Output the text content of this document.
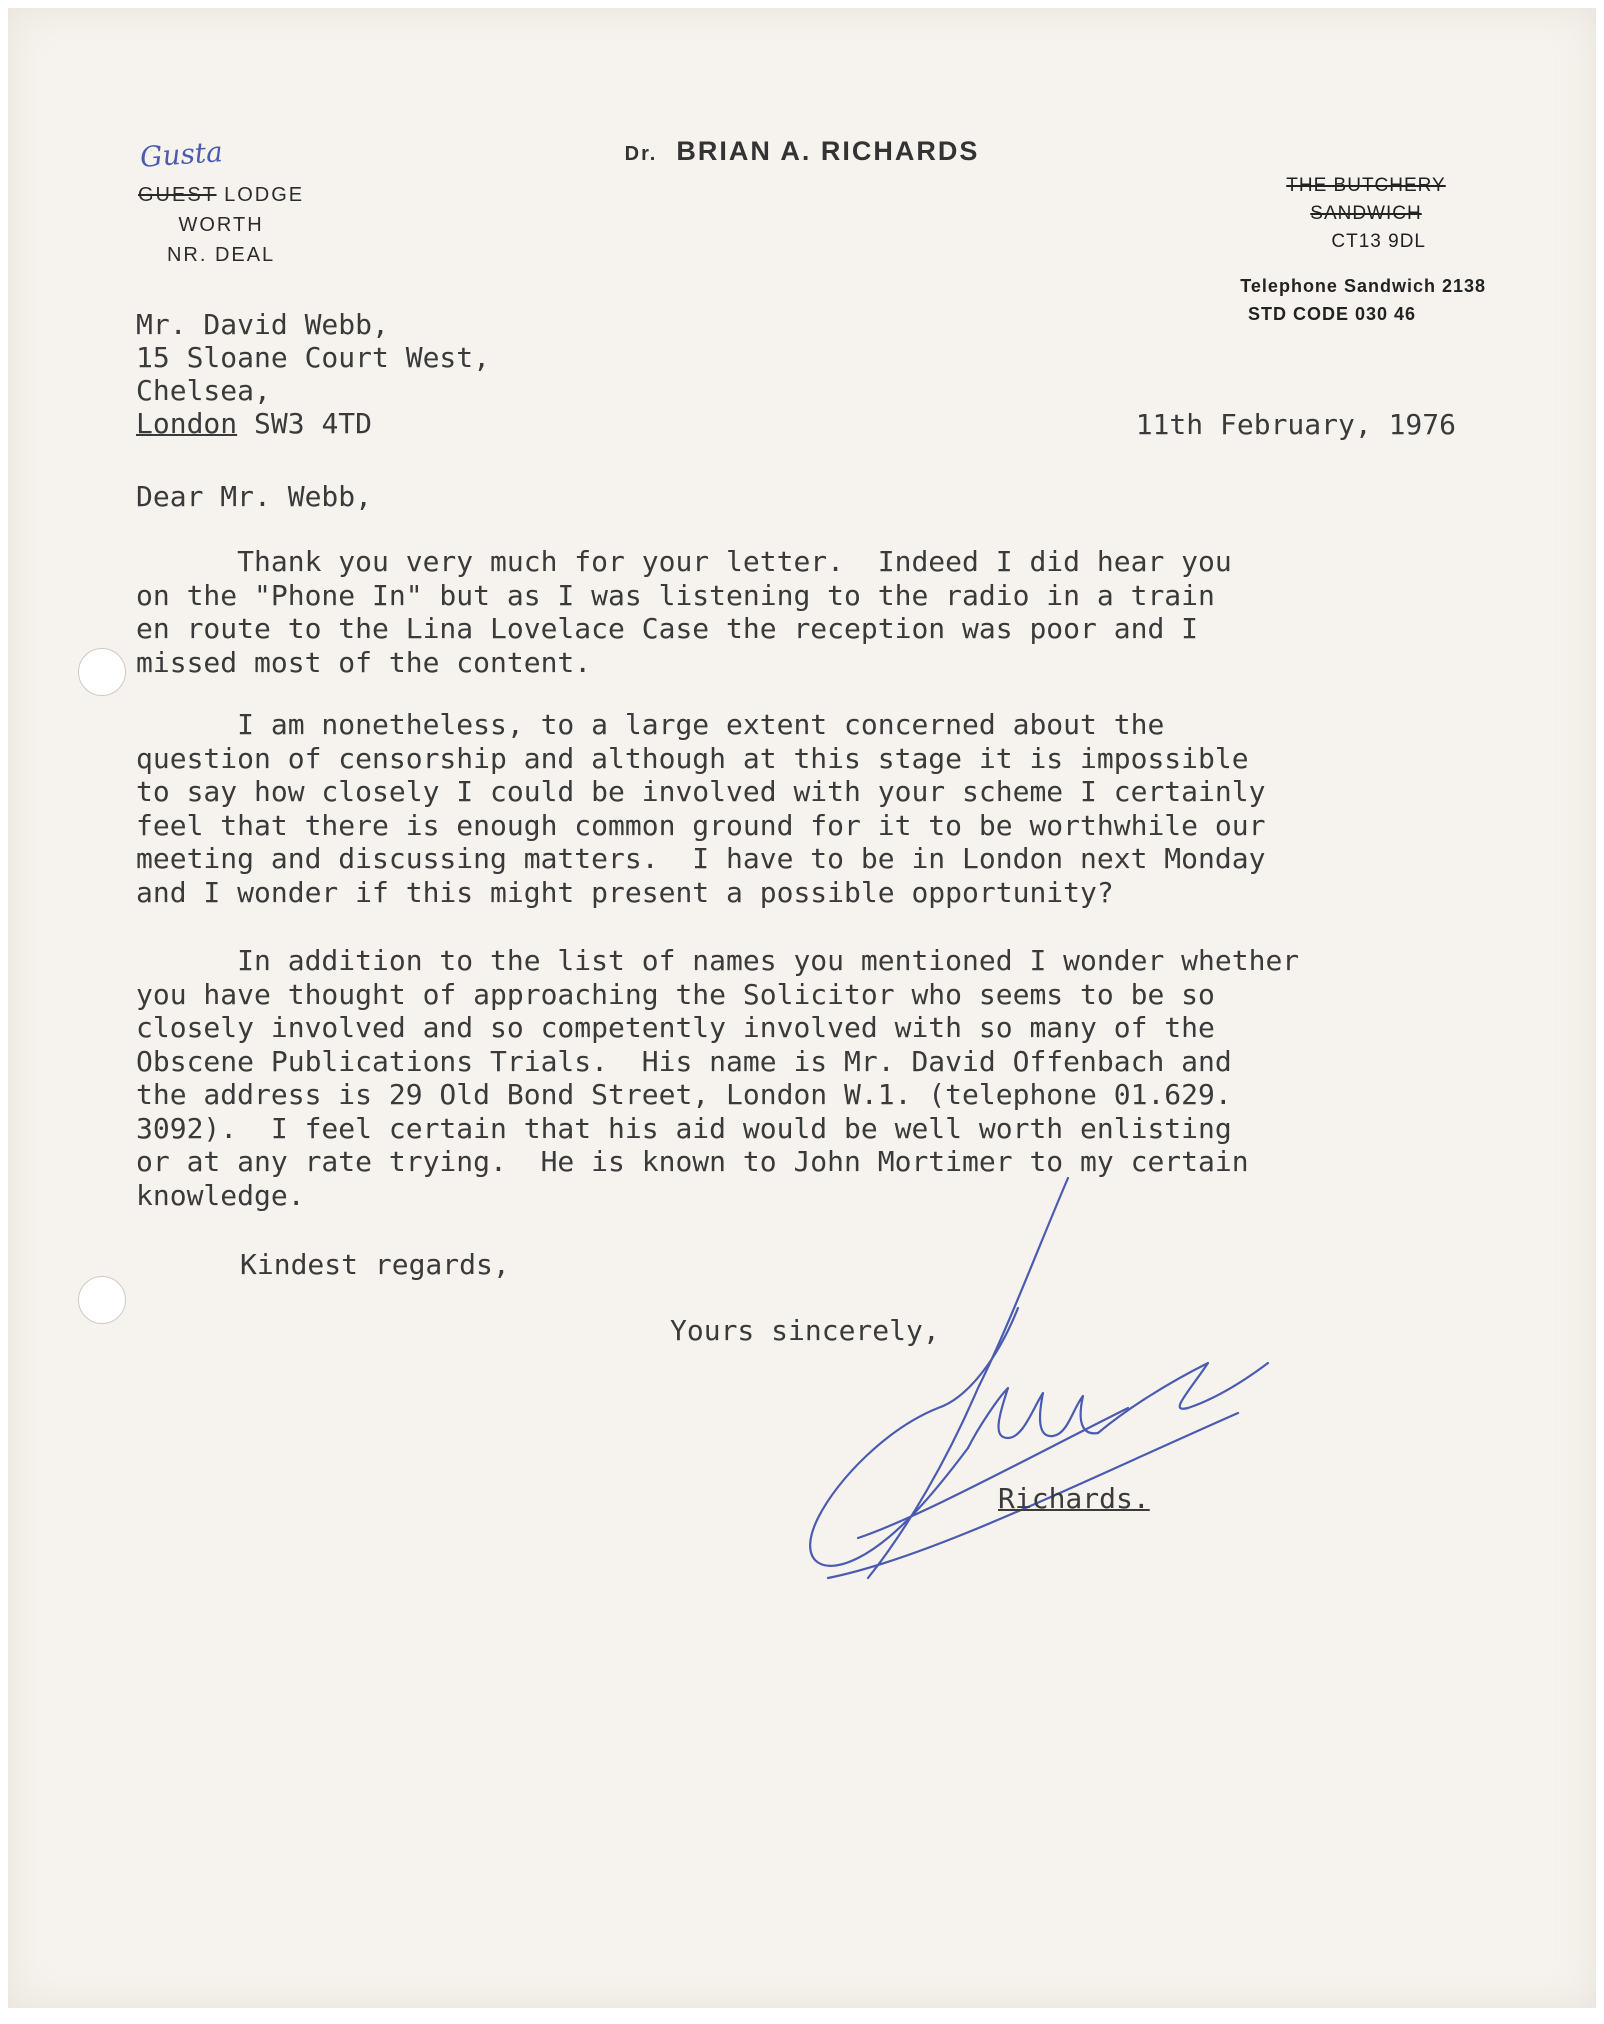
Dr. BRIAN A. RICHARDS
Gusta
GUEST LODGE
WORTH
NR. DEAL
THE BUTCHERY
SANDWICH
CT13 9DL
Telephone Sandwich 2138
STD CODE 030 46
Mr. David Webb,
15 Sloane Court West,
Chelsea,
London SW3 4TD	11th February, 1976
Dear Mr. Webb,
Thank you very much for your letter.  Indeed I did hear you
on the "Phone In" but as I was listening to the radio in a train
en route to the Lina Lovelace Case the reception was poor and I
missed most of the content.
I am nonetheless, to a large extent concerned about the
question of censorship and although at this stage it is impossible
to say how closely I could be involved with your scheme I certainly
feel that there is enough common ground for it to be worthwhile our
meeting and discussing matters.  I have to be in London next Monday
and I wonder if this might present a possible opportunity?
In addition to the list of names you mentioned I wonder whether
you have thought of approaching the Solicitor who seems to be so
closely involved and so competently involved with so many of the
Obscene Publications Trials.  His name is Mr. David Offenbach and
the address is 29 Old Bond Street, London W.1. (telephone 01.629.
3092).  I feel certain that his aid would be well worth enlisting
or at any rate trying.  He is known to John Mortimer to my certain
knowledge.
Kindest regards,
Yours sincerely,
Richards.
